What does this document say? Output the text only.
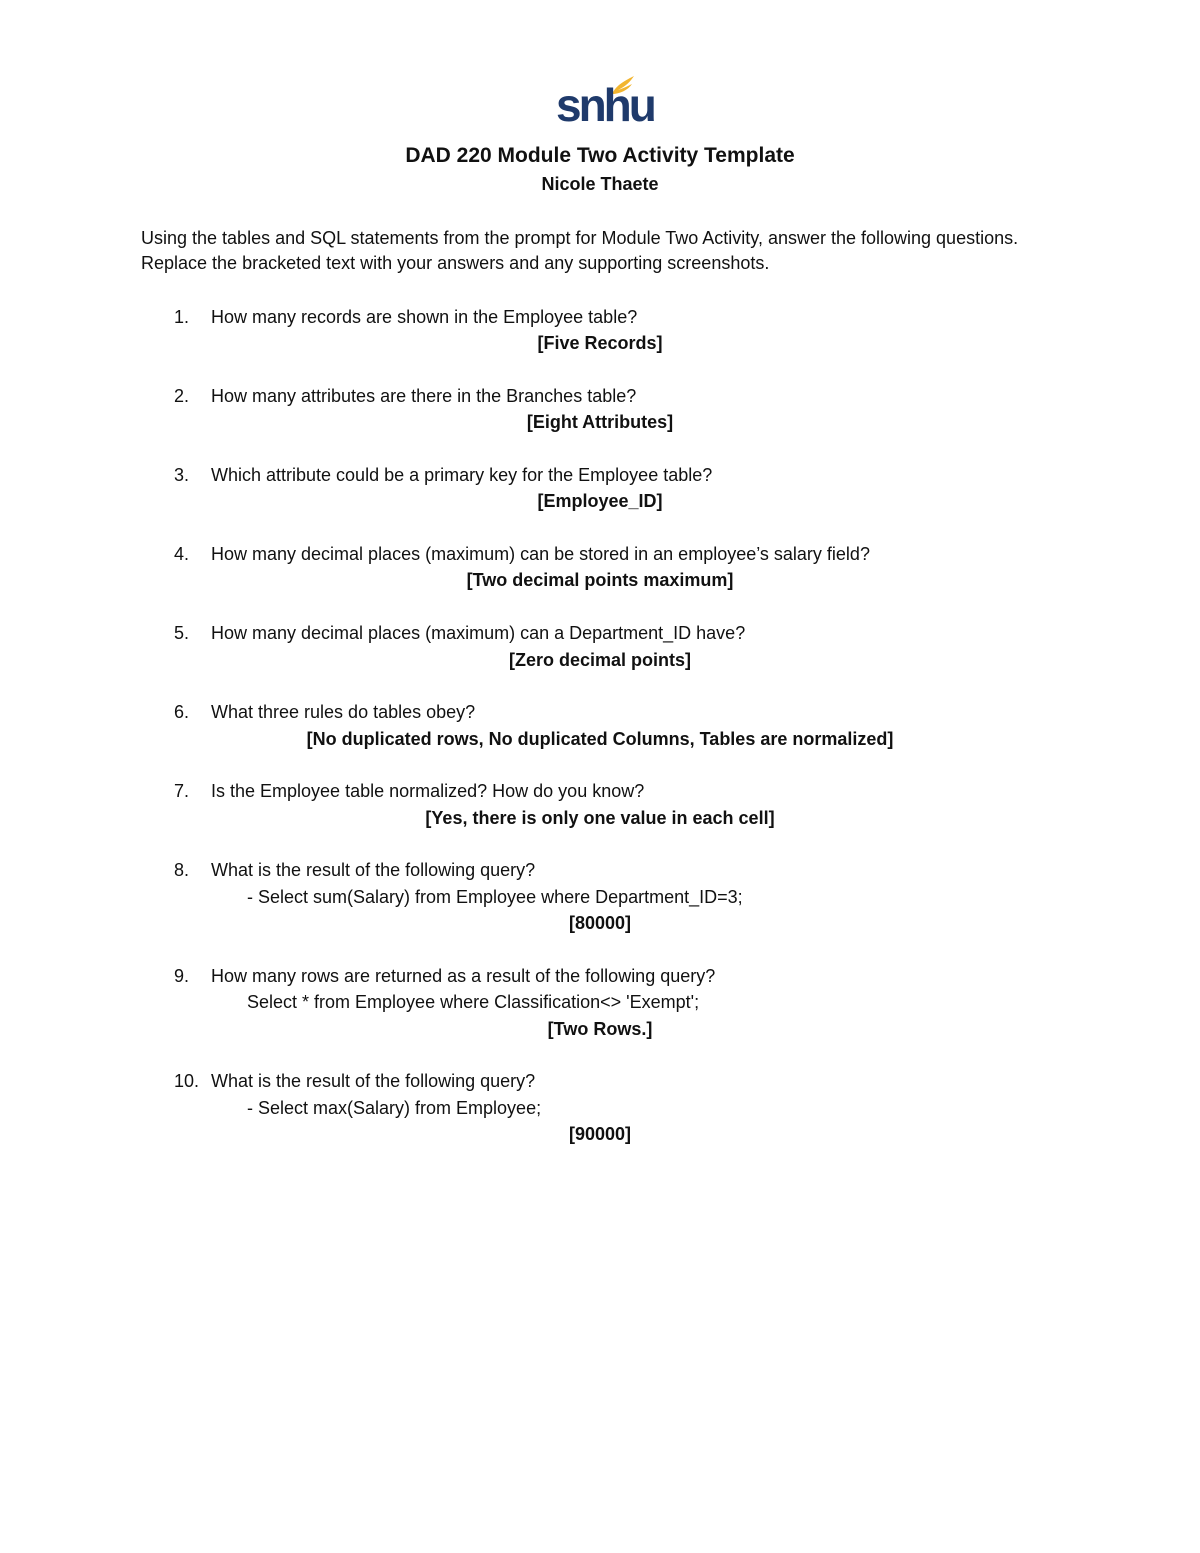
snhu
DAD 220 Module Two Activity Template
Nicole Thaete
Using the tables and SQL statements from the prompt for Module Two Activity, answer the following questions. Replace the bracketed text with your answers and any supporting screenshots.
1.	How many records are shown in the Employee table?
[Five Records]
2.	How many attributes are there in the Branches table?
[Eight Attributes]
3.	Which attribute could be a primary key for the Employee table?
[Employee_ID]
4.	How many decimal places (maximum) can be stored in an employee’s salary field?
[Two decimal points maximum]
5.	How many decimal places (maximum) can a Department_ID have?
[Zero decimal points]
6.	What three rules do tables obey?
[No duplicated rows, No duplicated Columns, Tables are normalized]
7.	Is the Employee table normalized? How do you know?
[Yes, there is only one value in each cell]
8.	What is the result of the following query?
- Select sum(Salary) from Employee where Department_ID=3;
[80000]
9.	How many rows are returned as a result of the following query?
Select * from Employee where Classification<> 'Exempt';
[Two Rows.]
10. What is the result of the following query?
- Select max(Salary) from Employee;
[90000]
